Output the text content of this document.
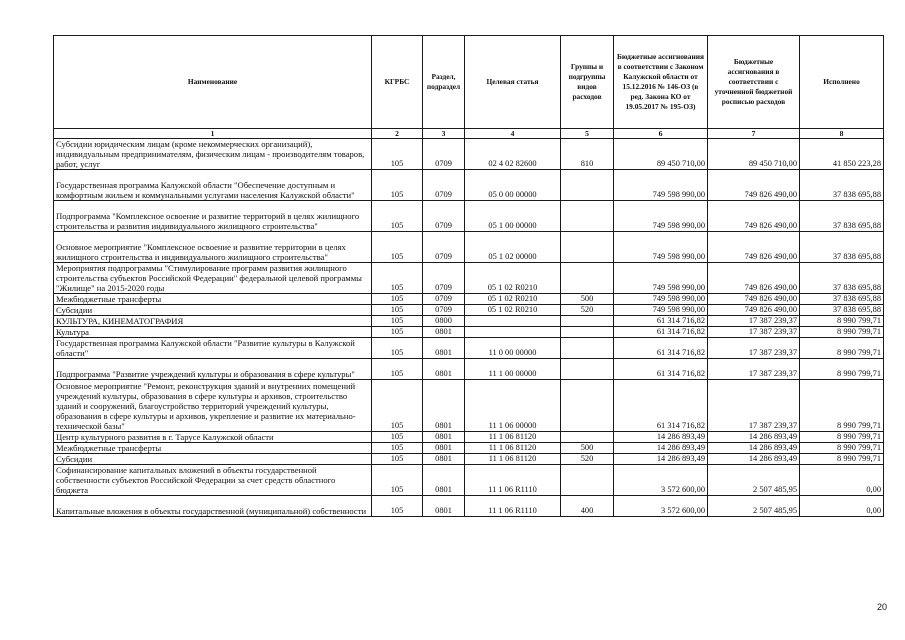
Наименование	КГРБС	Раздел, подраздел	Целевая статья	Группы и подгруппы видов расходов	Бюджетные ассигнования в соответствии с Законом Калужской области от 15.12.2016 № 146-ОЗ (в ред. Закона КО от 19.05.2017 № 195-ОЗ)	Бюджетные ассигнования в соответствии с уточненной бюджетной росписью расходов	Исполнено
1	2	3	4	5	6	7	8
Субсидии юридическим лицам (кроме некоммерческих организаций), индивидуальным предпринимателям, физическим лицам - производителям товаров, работ, услуг	105	0709	02 4 02 82600	810	89 450 710,00	89 450 710,00	41 850 223,28
Государственная программа Калужской области "Обеспечение доступным и комфортным жильем и коммунальными услугами населения Калужской области"	105	0709	05 0 00 00000		749 598 990,00	749 826 490,00	37 838 695,88
Подпрограмма "Комплексное освоение и развитие территорий в целях жилищного строительства и развития индивидуального жилищного строительства"	105	0709	05 1 00 00000		749 598 990,00	749 826 490,00	37 838 695,88
Основное мероприятие "Комплексное освоение и развитие территории в целях жилищного строительства и индивидуального жилищного строительства"	105	0709	05 1 02 00000		749 598 990,00	749 826 490,00	37 838 695,88
Мероприятия подпрограммы "Стимулирование программ развития жилищного строительства субъектов Российской Федерации" федеральной целевой программы "Жилище" на 2015-2020 годы	105	0709	05 1 02 R0210		749 598 990,00	749 826 490,00	37 838 695,88
Межбюджетные трансферты	105	0709	05 1 02 R0210	500	749 598 990,00	749 826 490,00	37 838 695,88
Субсидии	105	0709	05 1 02 R0210	520	749 598 990,00	749 826 490,00	37 838 695,88
КУЛЬТУРА, КИНЕМАТОГРАФИЯ	105	0800			61 314 716,82	17 387 239,37	8 990 799,71
Культура	105	0801			61 314 716,82	17 387 239,37	8 990 799,71
Государственная программа Калужской области "Развитие культуры в Калужской области"	105	0801	11 0 00 00000		61 314 716,82	17 387 239,37	8 990 799,71
Подпрограмма "Развитие учреждений культуры и образования в сфере культуры"	105	0801	11 1 00 00000		61 314 716,82	17 387 239,37	8 990 799,71
Основное мероприятие "Ремонт, реконструкция зданий и внутренних помещений учреждений культуры, образования в сфере культуры и архивов, строительство зданий и сооружений, благоустройство территорий учреждений культуры, образования в сфере культуры и архивов, укрепление и развитие их материально-технической базы"	105	0801	11 1 06 00000		61 314 716,82	17 387 239,37	8 990 799,71
Центр культурного развития в г. Тарусе Калужской области	105	0801	11 1 06 81120		14 286 893,49	14 286 893,49	8 990 799,71
Межбюджетные трансферты	105	0801	11 1 06 81120	500	14 286 893,49	14 286 893,49	8 990 799,71
Субсидии	105	0801	11 1 06 81120	520	14 286 893,49	14 286 893,49	8 990 799,71
Софинансирование капитальных вложений в объекты государственной собственности субъектов Российской Федерации за счет средств областного бюджета	105	0801	11 1 06 R1110		3 572 600,00	2 507 485,95	0,00
Капитальные вложения в объекты государственной (муниципальной) собственности	105	0801	11 1 06 R1110	400	3 572 600,00	2 507 485,95	0,00
20
